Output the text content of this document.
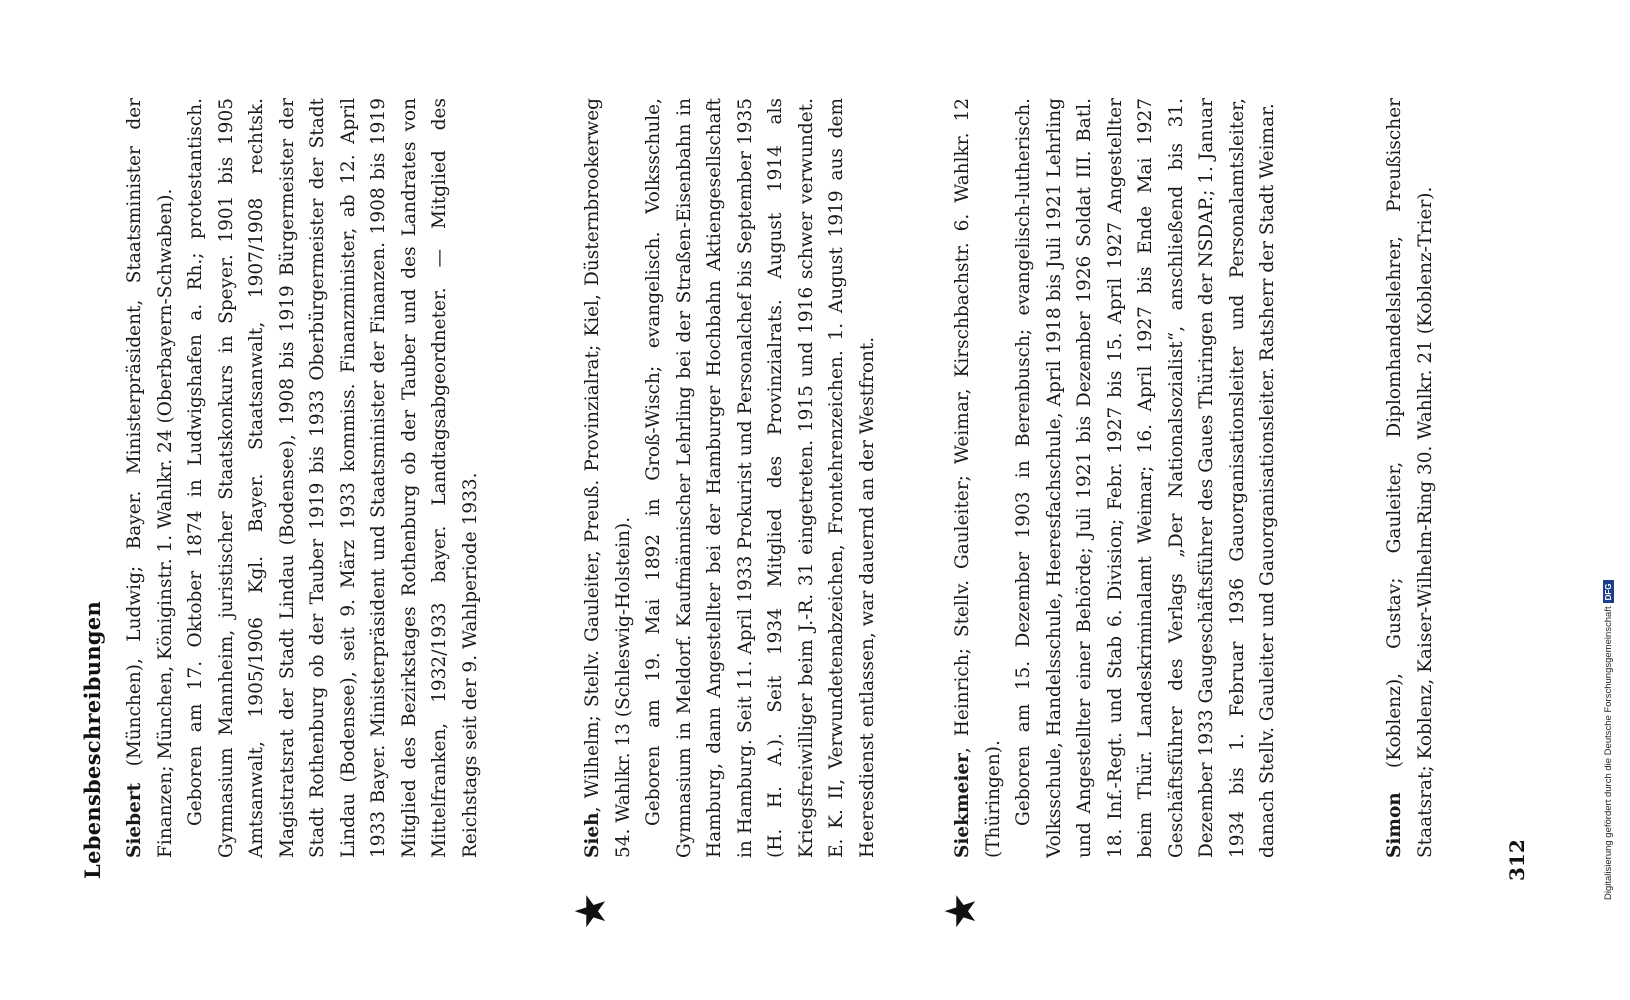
Lebensbeschreibungen Siebert (München), Ludwig; Bayer. Ministerpräsident, Staatsminister der Finanzen; München, Königinstr. 1. Wahlkr. 24 (Oberbayern-Schwaben). Geboren am 17. Oktober 1874 in Ludwigshafen a. Rh.; protestantisch. Gymnasium Mannheim, juristischer Staatskonkurs in Speyer. 1901 bis 1905 Amtsanwalt, 1905/1906 Kgl. Bayer. Staatsanwalt, 1907/1908 rechtsk. Magistratsrat der Stadt Lindau (Bodensee), 1908 bis 1919 Bürgermeister der Stadt Rothenburg ob der Tauber 1919 bis 1933 Oberbürgermeister der Stadt Lindau (Bodensee), seit 9. März 1933 kommiss. Finanzminister, ab 12. April 1933 Bayer. Ministerpräsident und Staatsminister der Finanzen. 1908 bis 1919 Mitglied des Bezirkstages Rothenburg ob der Tauber und des Landrates von Mittelfranken, 1932/1933 bayer. Landtagsabgeordneter. — Mitglied des Reichstags seit der 9. Wahlperiode 1933.

★

Sieh, Wilhelm; Stellv. Gauleiter, Preuß. Provinzialrat; Kiel, Düsternbrookerweg 54. Wahlkr. 13 (Schleswig-Holstein). Geboren am 19. Mai 1892 in Groß-Wisch; evangelisch. Volksschule, Gymnasium in Meldorf. Kaufmännischer Lehrling bei der Straßen-Eisenbahn in Hamburg, dann Angestellter bei der Hamburger Hochbahn Aktiengesellschaft in Hamburg. Seit 11. April 1933 Prokurist und Personalchef bis September 1935 (H. H. A.). Seit 1934 Mitglied des Provinzialrats. August 1914 als Kriegsfreiwilliger beim J.-R. 31 eingetreten. 1915 und 1916 schwer verwundet. E. K. II, Verwundetenabzeichen, Frontehrenzeichen. 1. August 1919 aus dem Heeresdienst entlassen, war dauernd an der Westfront.

★

Siekmeier, Heinrich; Stellv. Gauleiter; Weimar, Kirschbachstr. 6. Wahlkr. 12 (Thüringen). Geboren am 15. Dezember 1903 in Berenbusch; evangelisch-lutherisch. Volksschule, Handelsschule, Heeresfachschule, April 1918 bis Juli 1921 Lehrling und Angestellter einer Behörde; Juli 1921 bis Dezember 1926 Soldat III. Batl. 18. Inf.-Regt. und Stab 6. Division; Febr. 1927 bis 15. April 1927 Angestellter beim Thür. Landeskriminalamt Weimar; 16. April 1927 bis Ende Mai 1927 Geschäftsführer des Verlags „Der Nationalsozialist“, anschließend bis 31. Dezember 1933 Gaugeschäftsführer des Gaues Thüringen der NSDAP.; 1. Januar 1934 bis 1. Februar 1936 Gauorganisationsleiter und Personalamtsleiter, danach Stellv. Gauleiter und Gauorganisationsleiter. Ratsherr der Stadt Weimar.	Simon (Koblenz), Gustav; Gauleiter, Diplomhandelslehrer, Preußischer Staatsrat; Koblenz, Kaiser-Wilhelm-Ring 30. Wahlkr. 21 (Koblenz-Trier).

312	Digitalisierung gefördert durch die Deutsche ForschungsgemeinschaftDFG
